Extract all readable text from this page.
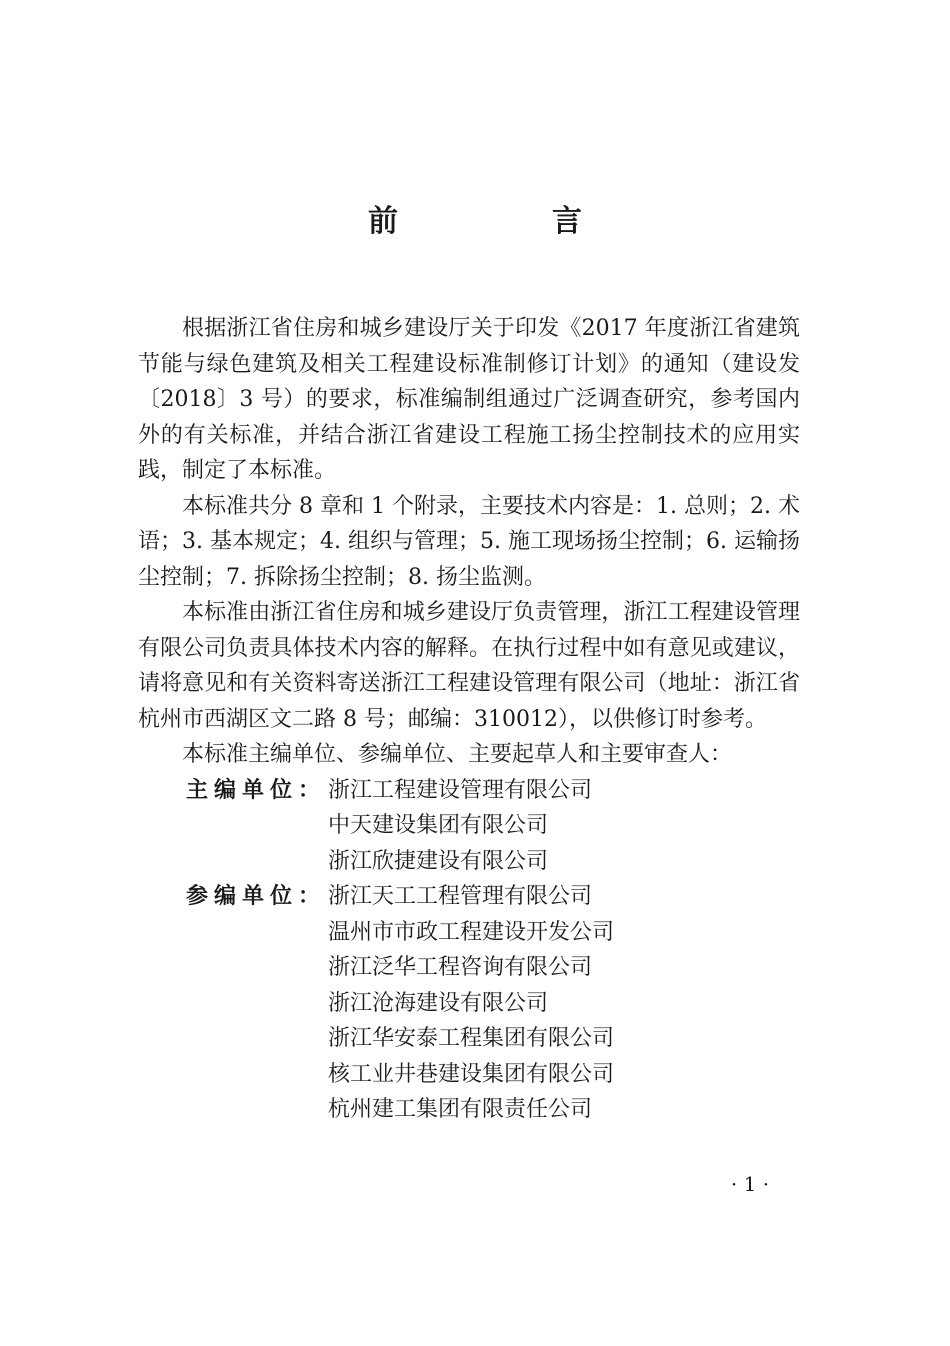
前　言

根据浙江省住房和城乡建设厅关于印发《2017 年度浙江省建筑节能与绿色建筑及相关工程建设标准制修订计划》的通知（建设发〔2018〕3 号）的要求，标准编制组通过广泛调查研究，参考国内外的有关标准，并结合浙江省建设工程施工扬尘控制技术的应用实践，制定了本标准。

本标准共分 8 章和 1 个附录，主要技术内容是：1. 总则；2. 术语；3. 基本规定；4. 组织与管理；5. 施工现场扬尘控制；6. 运输扬尘控制；7. 拆除扬尘控制；8. 扬尘监测。

本标准由浙江省住房和城乡建设厅负责管理，浙江工程建设管理有限公司负责具体技术内容的解释。在执行过程中如有意见或建议，请将意见和有关资料寄送浙江工程建设管理有限公司（地址：浙江省杭州市西湖区文二路 8 号；邮编：310012），以供修订时参考。

本标准主编单位、参编单位、主要起草人和主要审查人：

主编单位： 浙江工程建设管理有限公司
中天建设集团有限公司
浙江欣捷建设有限公司
参编单位： 浙江天工工程管理有限公司
温州市市政工程建设开发公司
浙江泛华工程咨询有限公司
浙江沧海建设有限公司
浙江华安泰工程集团有限公司
核工业井巷建设集团有限公司
杭州建工集团有限责任公司
· 1 ·
